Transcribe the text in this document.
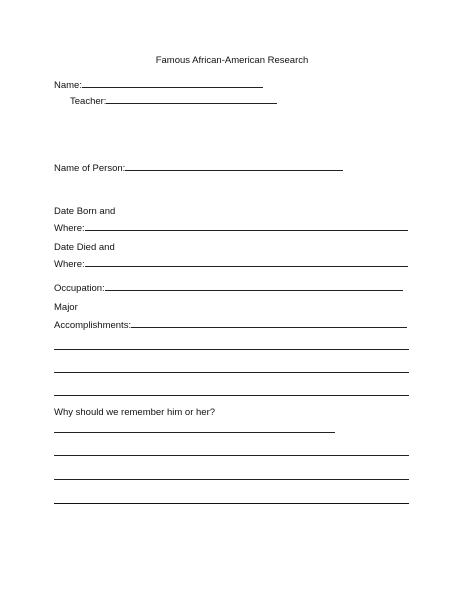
Famous African-American Research
Name:
Teacher:
Name of Person:
Date Born and
Where:
Date Died and
Where:
Occupation:
Major
Accomplishments:
Why should we remember him or her?
